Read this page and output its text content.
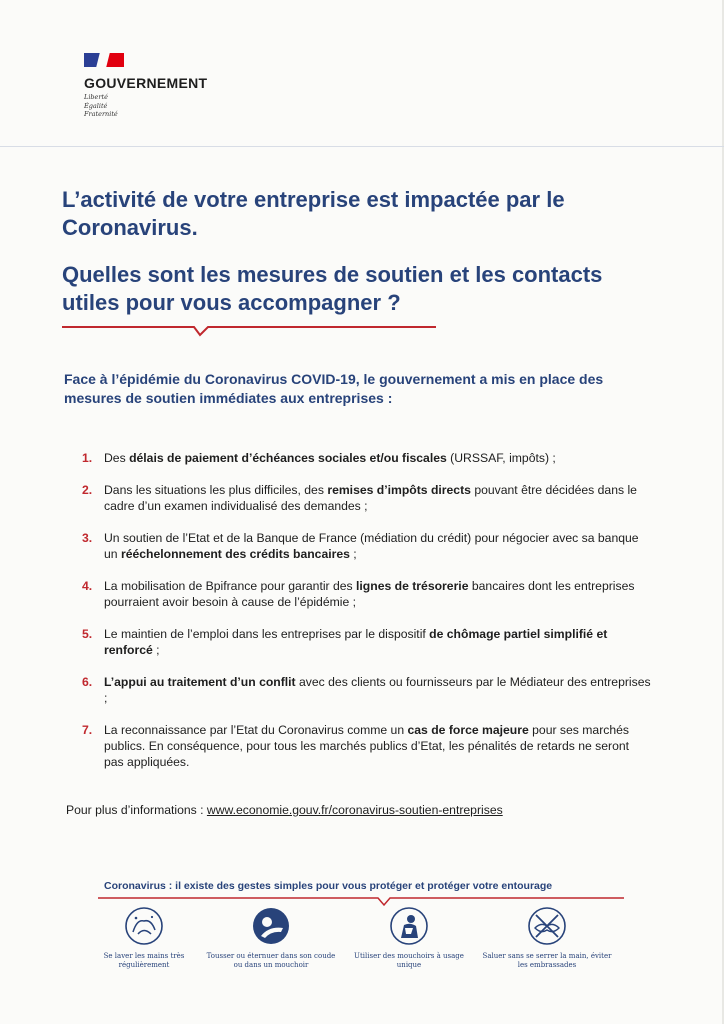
GOUVERNEMENT
Liberté
Égalité
Fraternité
L’activité de votre entreprise est impactée par le Coronavirus.
Quelles sont les mesures de soutien et les contacts utiles pour vous accompagner ?

Face à l’épidémie du Coronavirus COVID-19, le gouvernement a mis en place des mesures de soutien immédiates aux entreprises :

1. Des délais de paiement d’échéances sociales et/ou fiscales (URSSAF, impôts) ;
2. Dans les situations les plus difficiles, des remises d’impôts directs pouvant être décidées dans le cadre d’un examen individualisé des demandes ;
3. Un soutien de l’Etat et de la Banque de France (médiation du crédit) pour négocier avec sa banque un rééchelonnement des crédits bancaires ;
4. La mobilisation de Bpifrance pour garantir des lignes de trésorerie bancaires dont les entreprises pourraient avoir besoin à cause de l’épidémie ;
5. Le maintien de l’emploi dans les entreprises par le dispositif de chômage partiel simplifié et renforcé ;
6. L’appui au traitement d’un conflit avec des clients ou fournisseurs par le Médiateur des entreprises ;
7. La reconnaissance par l’Etat du Coronavirus comme un cas de force majeure pour ses marchés publics. En conséquence, pour tous les marchés publics d’Etat, les pénalités de retards ne seront pas appliquées.
Pour plus d’informations : www.economie.gouv.fr/coronavirus-soutien-entreprises
Coronavirus : il existe des gestes simples pour vous protéger et protéger votre entourage
Se laver les mains très régulièrement
Tousser ou éternuer dans son coude ou dans un mouchoir
Utiliser des mouchoirs à usage unique
Saluer sans se serrer la main, éviter les embrassades
